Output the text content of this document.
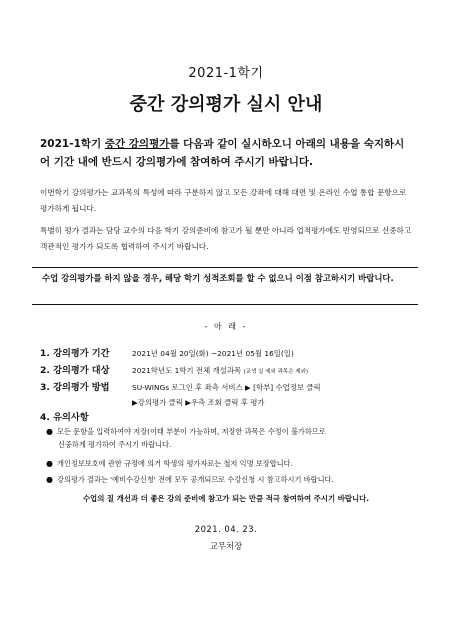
2021-1학기
중간 강의평가 실시 안내
2021-1학기 중간 강의평가를 다음과 같이 실시하오니 아래의 내용을 숙지하시어 기간 내에 반드시 강의평가에 참여하여 주시기 바랍니다.
이번학기 강의평가는 교과목의 특성에 따라 구분하지 않고 모든 강좌에 대해 대면 및 온라인 수업 통합 문항으로 평가하게 됩니다.
특별히 평가 결과는 담당 교수의 다음 학기 강의준비에 참고가 될 뿐만 아니라 업적평가에도 반영되므로 신중하고 객관적인 평가가 되도록 협력하여 주시기 바랍니다.
수업 강의평가를 하지 않을 경우, 해당 학기 성적조회를 할 수 없으니 이점 참고하시기 바랍니다.
- 아 래 -
1. 강의평가 기간	2021년 04월 20일(화) ~2021년 05월 16일(일)
2. 강의평가 대상	2021학년도 1학기 전체 개설과목 (교생 실 예외 과목은 제외)
3. 강의평가 방법	SU-WINGs 로그인 후 좌측 서비스 ▶ [학부] 수업정보 클릭
▶강의평가 클릭 ▶우측 조회 클릭 후 평가
4. 유의사항
● 모든 문항을 입력하여야 저장(이태 부분이 가능하며, 저장한 과목은 수정이 불가하므로
신중하게 평가하여 주시기 바랍니다.
● 개인정보보호에 관한 규정에 의거 학생의 평가자료는 철저 익명 보장합니다.
● 강의평가 결과는 '예비수강신청' 전에 모두 공개되므로 수강신청 시 참고하시기 바랍니다.
수업의 질 개선과 더 좋은 강의 준비에 참고가 되는 만큼 적극 참여하여 주시기 바랍니다.
2021. 04. 23.
교무처장
